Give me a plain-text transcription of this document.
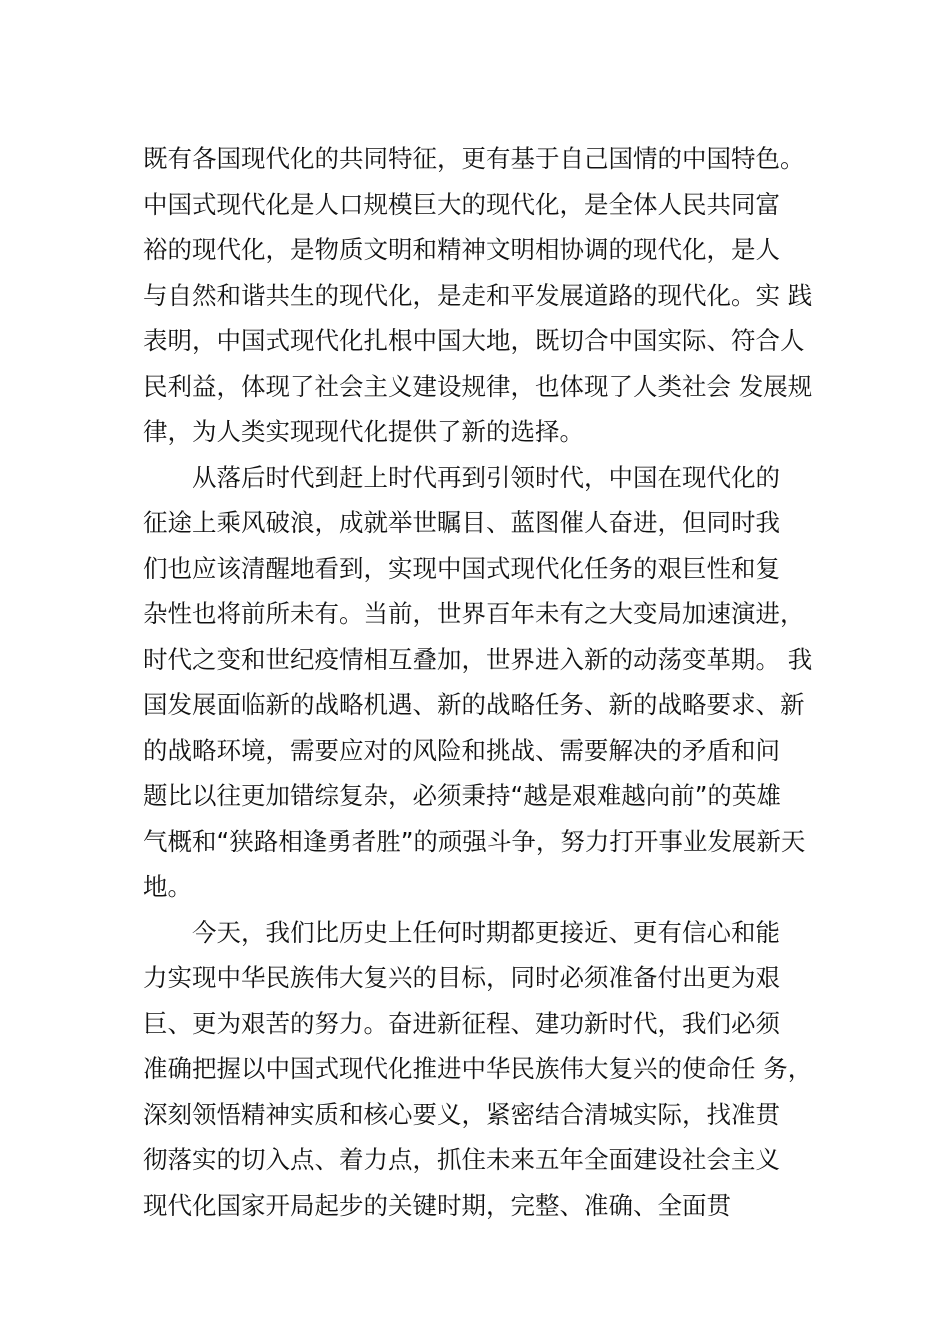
既有各国现代化的共同特征，更有基于自己国情的中国特色。
中国式现代化是人口规模巨大的现代化，是全体人民共同富
裕的现代化，是物质文明和精神文明相协调的现代化，是人
与自然和谐共生的现代化，是走和平发展道路的现代化。实 践
表明，中国式现代化扎根中国大地，既切合中国实际、符合人
民利益，体现了社会主义建设规律，也体现了人类社会 发展规
律，为人类实现现代化提供了新的选择。
从落后时代到赶上时代再到引领时代，中国在现代化的
征途上乘风破浪，成就举世瞩目、蓝图催人奋进，但同时我
们也应该清醒地看到，实现中国式现代化任务的艰巨性和复
杂性也将前所未有。当前，世界百年未有之大变局加速演进，
时代之变和世纪疫情相互叠加，世界进入新的动荡变革期。 我
国发展面临新的战略机遇、新的战略任务、新的战略要求、新
的战略环境，需要应对的风险和挑战、需要解决的矛盾和问
题比以往更加错综复杂，必须秉持“越是艰难越向前”的英雄
气概和“狭路相逢勇者胜”的顽强斗争，努力打开事业发展新天
地。
今天，我们比历史上任何时期都更接近、更有信心和能
力实现中华民族伟大复兴的目标，同时必须准备付出更为艰
巨、更为艰苦的努力。奋进新征程、建功新时代，我们必须
准确把握以中国式现代化推进中华民族伟大复兴的使命任 务，
深刻领悟精神实质和核心要义，紧密结合清城实际，找准贯
彻落实的切入点、着力点，抓住未来五年全面建设社会主义
现代化国家开局起步的关键时期，完整、准确、全面贯
